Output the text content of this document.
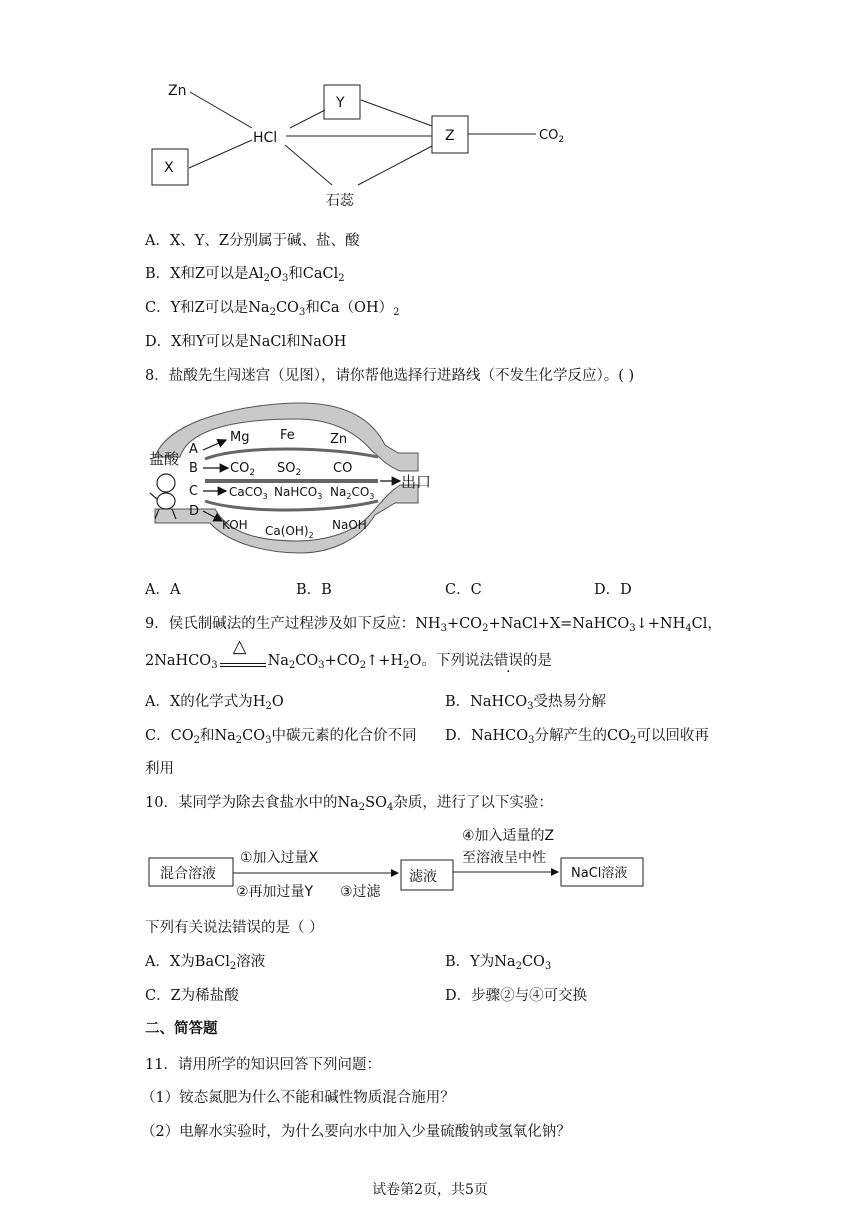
Zn
HCl
Y
Z
X
$CO_2$
石蕊
A．X、Y、Z分别属于碱、盐、酸
B．X和Z可以是$Al_2O_3$和CaCl$_2$
C．Y和Z可以是$Na_2CO_3$和$Ca(OH)_2$
D．X和Y可以是NaCl和NaOH
8．盐酸先生闯迷宫（见图），请你帮他选择行进路线（不发生化学反应）。( )
盐酸
出口
A
B
C
D
Mg Fe	Zn
$CO_2$ $SO_2$ CO
CaCO$_3$ NaHCO$_3$ $Na_2CO_3$
KOH $Ca(OH)_2$
NaOH
A．A	B．B	C．C	D．D
9．侯氏制碱法的生产过程涉及如下反应：$NH_3+CO_2+NaCl+X=NaHCO_3↓+NH_4Cl$，
2NaHCO$_3$
△
$Na_2CO_3+CO_2↑+H_2O$。下列说法错误的是
A．X的化学式为$H_2O$	B．NaHCO$_3$受热易分解
C．$CO_2$和$Na_2CO_3$中碳元素的化合价不同 D．NaHCO$_3$分解产生的$CO_2$可以回收再
利用
10．某同学为除去食盐水中的$Na_2SO_4$杂质，进行了以下实验：
混合溶液
①加入过量X
②再加过量Y ③过滤
滤液
④加入适量的Z
至溶液呈中性
NaCl溶液
下列有关说法错误的是（ ）
A．X为BaCl$_2$溶液	B．Y为$Na_2CO_3$
C．Z为稀盐酸	D．步骤②与④可交换
二、简答题
11．请用所学的知识回答下列问题：
（1）铵态氮肥为什么不能和碱性物质混合施用？
（2）电解水实验时，为什么要向水中加入少量硫酸钠或氢氧化钠？
试卷第2页，共5页
